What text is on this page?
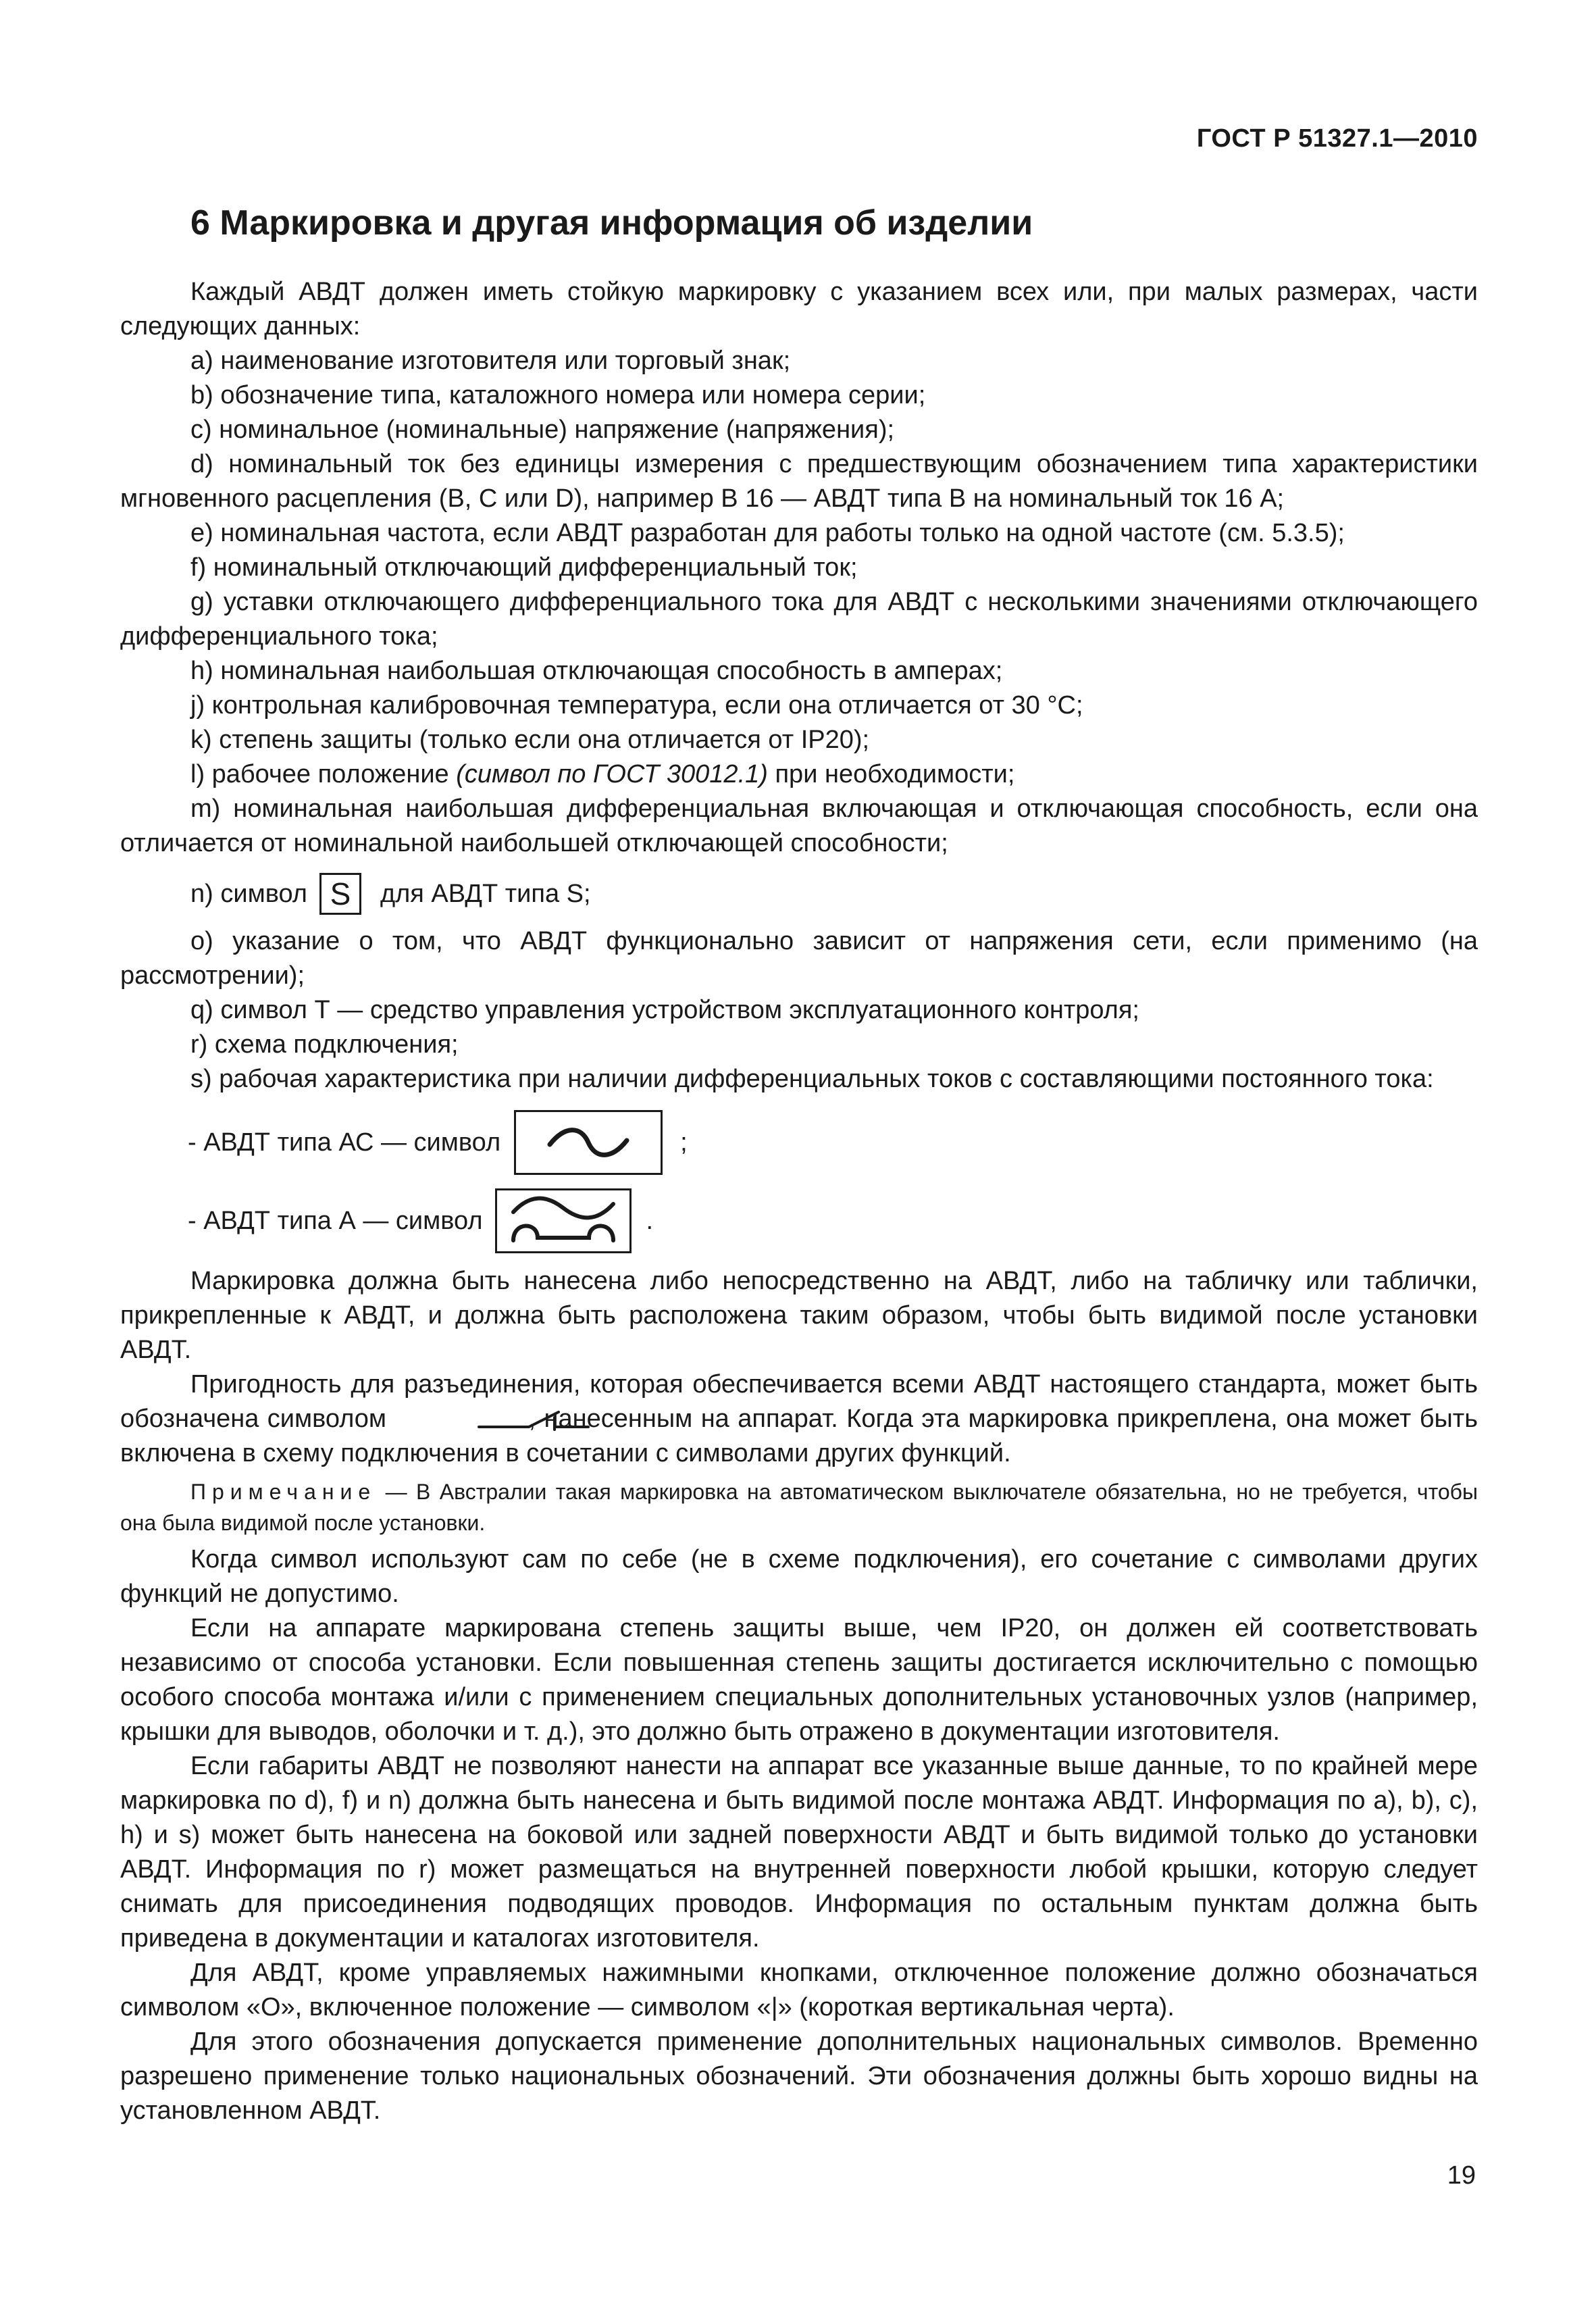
ГОСТ Р 51327.1—2010
6 Маркировка и другая информация об изделии

Каждый АВДТ должен иметь стойкую маркировку с указанием всех или, при малых размерах, части следующих данных:

а) наименование изготовителя или торговый знак;

b) обозначение типа, каталожного номера или номера серии;

с) номинальное (номинальные) напряжение (напряжения);

d) номинальный ток без единицы измерения с предшествующим обозначением типа характеристики мгновенного расцепления (В, С или D), например В 16 — АВДТ типа В на номинальный ток 16 А;

е) номинальная частота, если АВДТ разработан для работы только на одной частоте (см. 5.3.5);

f) номинальный отключающий дифференциальный ток;

g) уставки отключающего дифференциального тока для АВДТ с несколькими значениями отключающего дифференциального тока;

h) номинальная наибольшая отключающая способность в амперах;

j) контрольная калибровочная температура, если она отличается от 30 °С;

k) степень защиты (только если она отличается от IP20);

l) рабочее положение (символ по ГОСТ 30012.1) при необходимости;

m) номинальная наибольшая дифференциальная включающая и отключающая способность, если она отличается от номинальной наибольшей отключающей способности;

n) символ S	для АВДТ типа S;

о) указание о том, что АВДТ функционально зависит от напряжения сети, если применимо (на рассмотрении);

q) символ Т — средство управления устройством эксплуатационного контроля;

r) схема подключения;

s) рабочая характеристика при наличии дифференциальных токов с составляющими постоянного тока:

- АВДТ типа АС — символ	;
- АВДТ типа А — символ	.

Маркировка должна быть нанесена либо непосредственно на АВДТ, либо на табличку или таблички, прикрепленные к АВДТ, и должна быть расположена таким образом, чтобы быть видимой после установки АВДТ.

Пригодность для разъединения, которая обеспечивается всеми АВДТ настоящего стандарта, может быть обозначена символом	, нанесенным на аппарат. Когда эта маркировка прикреплена, она может быть включена в схему подключения в сочетании с символами других функций.

Примечание — В Австралии такая маркировка на автоматическом выключателе обязательна, но не требуется, чтобы она была видимой после установки.

Когда символ используют сам по себе (не в схеме подключения), его сочетание с символами других функций не допустимо.

Если на аппарате маркирована степень защиты выше, чем IP20, он должен ей соответствовать независимо от способа установки. Если повышенная степень защиты достигается исключительно с помощью особого способа монтажа и/или с применением специальных дополнительных установочных узлов (например, крышки для выводов, оболочки и т. д.), это должно быть отражено в документации изготовителя.

Если габариты АВДТ не позволяют нанести на аппарат все указанные выше данные, то по крайней мере маркировка по d), f) и n) должна быть нанесена и быть видимой после монтажа АВДТ. Информация по а), b), с), h) и s) может быть нанесена на боковой или задней поверхности АВДТ и быть видимой только до установки АВДТ. Информация по r) может размещаться на внутренней поверхности любой крышки, которую следует снимать для присоединения подводящих проводов. Информация по остальным пунктам должна быть приведена в документации и каталогах изготовителя.

Для АВДТ, кроме управляемых нажимными кнопками, отключенное положение должно обозначаться символом «О», включенное положение — символом «|» (короткая вертикальная черта).

Для этого обозначения допускается применение дополнительных национальных символов. Временно разрешено применение только национальных обозначений. Эти обозначения должны быть хорошо видны на установленном АВДТ.

19
